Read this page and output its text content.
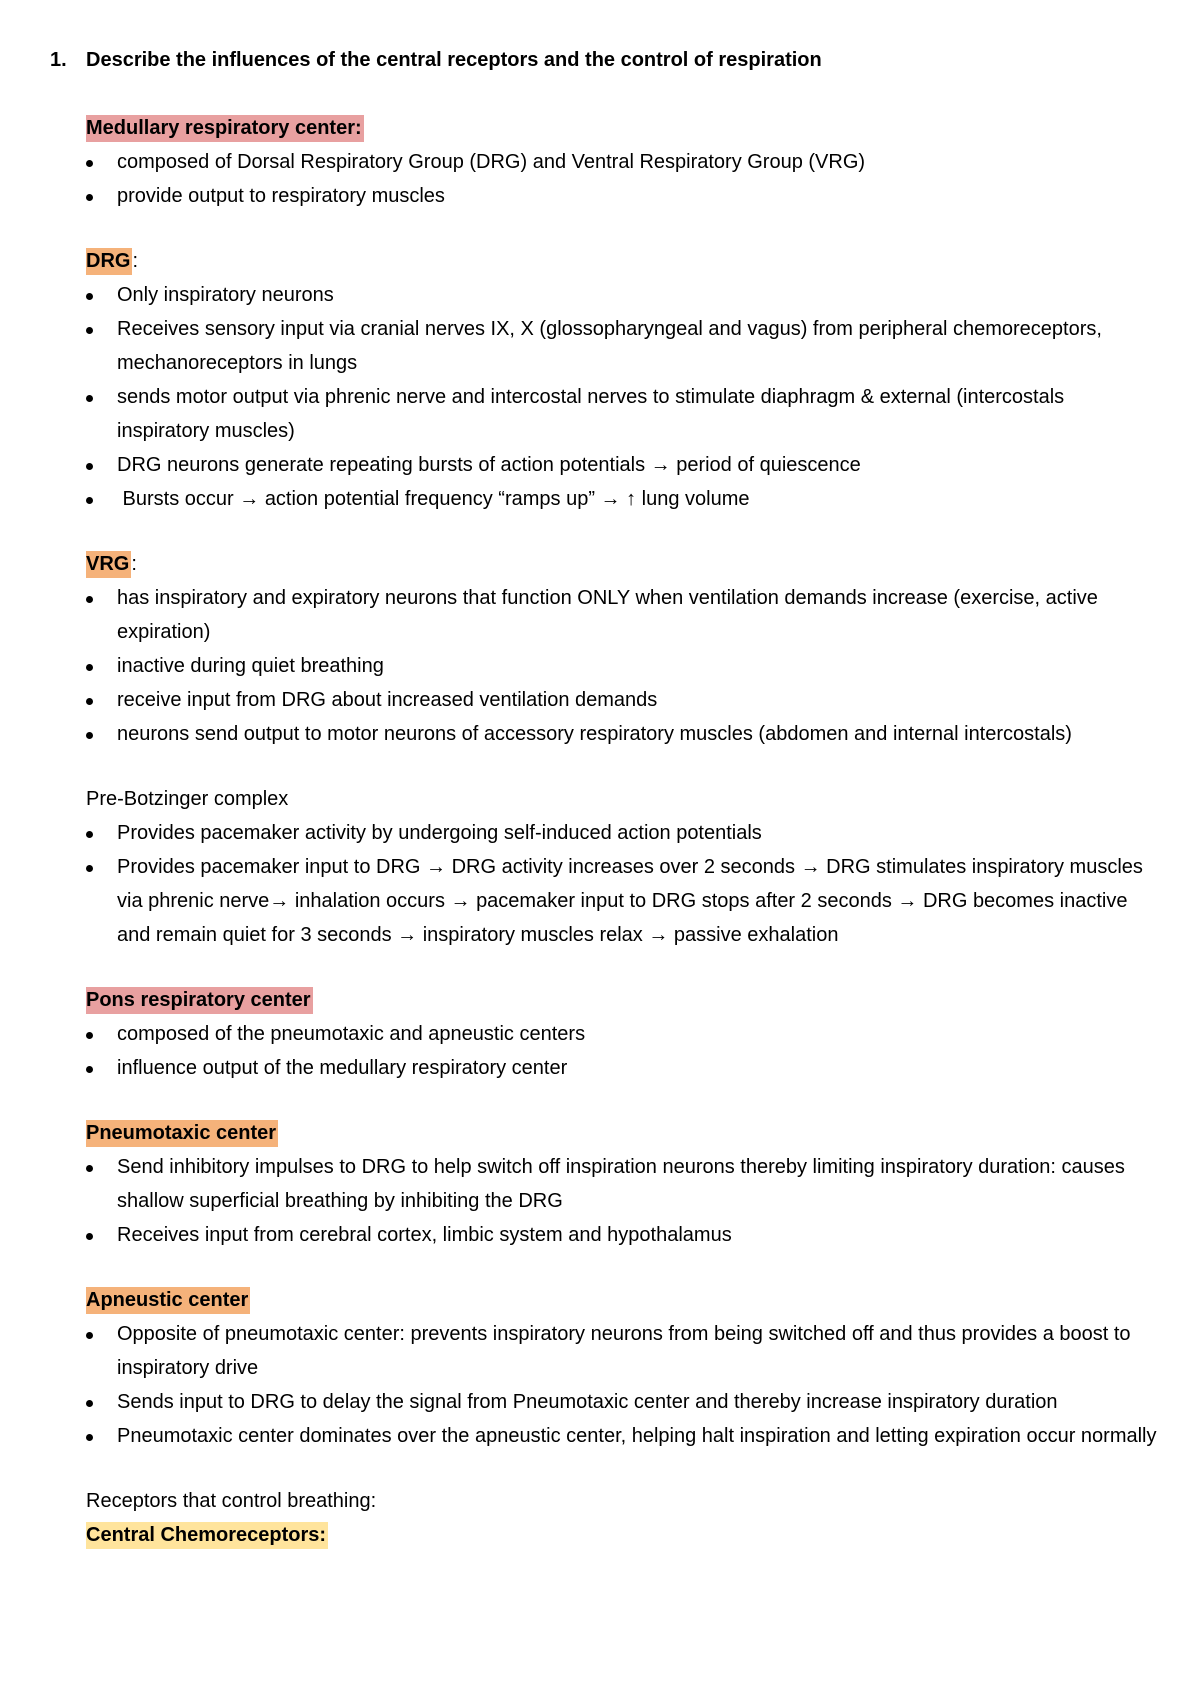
1. Describe the influences of the central receptors and the control of respiration
Medullary respiratory center:
composed of Dorsal Respiratory Group (DRG) and Ventral Respiratory Group (VRG)
provide output to respiratory muscles
DRG :
Only inspiratory neurons
Receives sensory input via cranial nerves IX, X (glossopharyngeal and vagus) from peripheral chemoreceptors, mechanoreceptors in lungs
sends motor output via phrenic nerve and intercostal nerves to stimulate diaphragm & external (intercostals inspiratory muscles)
DRG neurons generate repeating bursts of action potentials → period of quiescence
Bursts occur → action potential frequency “ramps up” → ↑ lung volume
VRG :
has inspiratory and expiratory neurons that function ONLY when ventilation demands increase (exercise, active expiration)
inactive during quiet breathing
receive input from DRG about increased ventilation demands
neurons send output to motor neurons of accessory respiratory muscles (abdomen and internal intercostals)
Pre-Botzinger complex
Provides pacemaker activity by undergoing self-induced action potentials
Provides pacemaker input to DRG → DRG activity increases over 2 seconds → DRG stimulates inspiratory muscles via phrenic nerve→ inhalation occurs → pacemaker input to DRG stops after 2 seconds → DRG becomes inactive and remain quiet for 3 seconds → inspiratory muscles relax → passive exhalation
Pons respiratory center
composed of the pneumotaxic and apneustic centers
influence output of the medullary respiratory center
Pneumotaxic center
Send inhibitory impulses to DRG to help switch off inspiration neurons thereby limiting inspiratory duration: causes shallow superficial breathing by inhibiting the DRG
Receives input from cerebral cortex, limbic system and hypothalamus
Apneustic center
Opposite of pneumotaxic center: prevents inspiratory neurons from being switched off and thus provides a boost to inspiratory drive
Sends input to DRG to delay the signal from Pneumotaxic center and thereby increase inspiratory duration
Pneumotaxic center dominates over the apneustic center, helping halt inspiration and letting expiration occur normally
Receptors that control breathing:
Central Chemoreceptors:
